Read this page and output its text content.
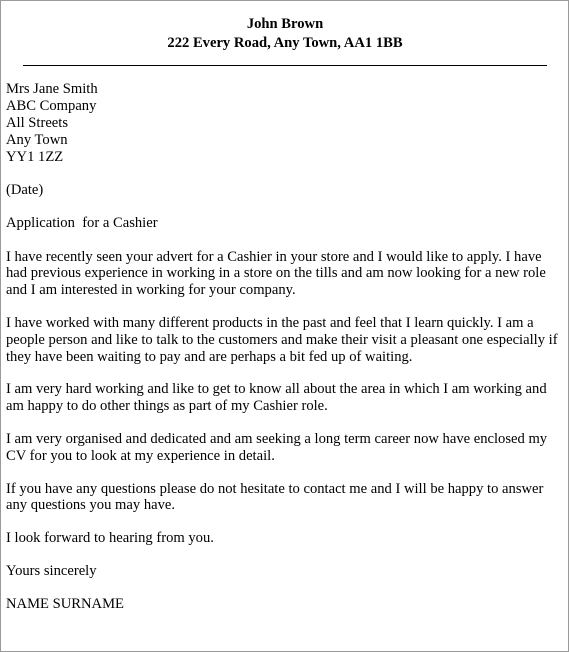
John Brown
222 Every Road, Any Town, AA1 1BB
Mrs Jane Smith
ABC Company
All Streets
Any Town
YY1 1ZZ

(Date)

Application  for a Cashier

I have recently seen your advert for a Cashier in your store and I would like to apply. I have had previous experience in working in a store on the tills and am now looking for a new role and I am interested in working for your company.

I have worked with many different products in the past and feel that I learn quickly. I am a people person and like to talk to the customers and make their visit a pleasant one especially if they have been waiting to pay and are perhaps a bit fed up of waiting.

I am very hard working and like to get to know all about the area in which I am working and am happy to do other things as part of my Cashier role.

I am very organised and dedicated and am seeking a long term career now have enclosed my CV for you to look at my experience in detail.

If you have any questions please do not hesitate to contact me and I will be happy to answer any questions you may have.

I look forward to hearing from you.

Yours sincerely

NAME SURNAME
